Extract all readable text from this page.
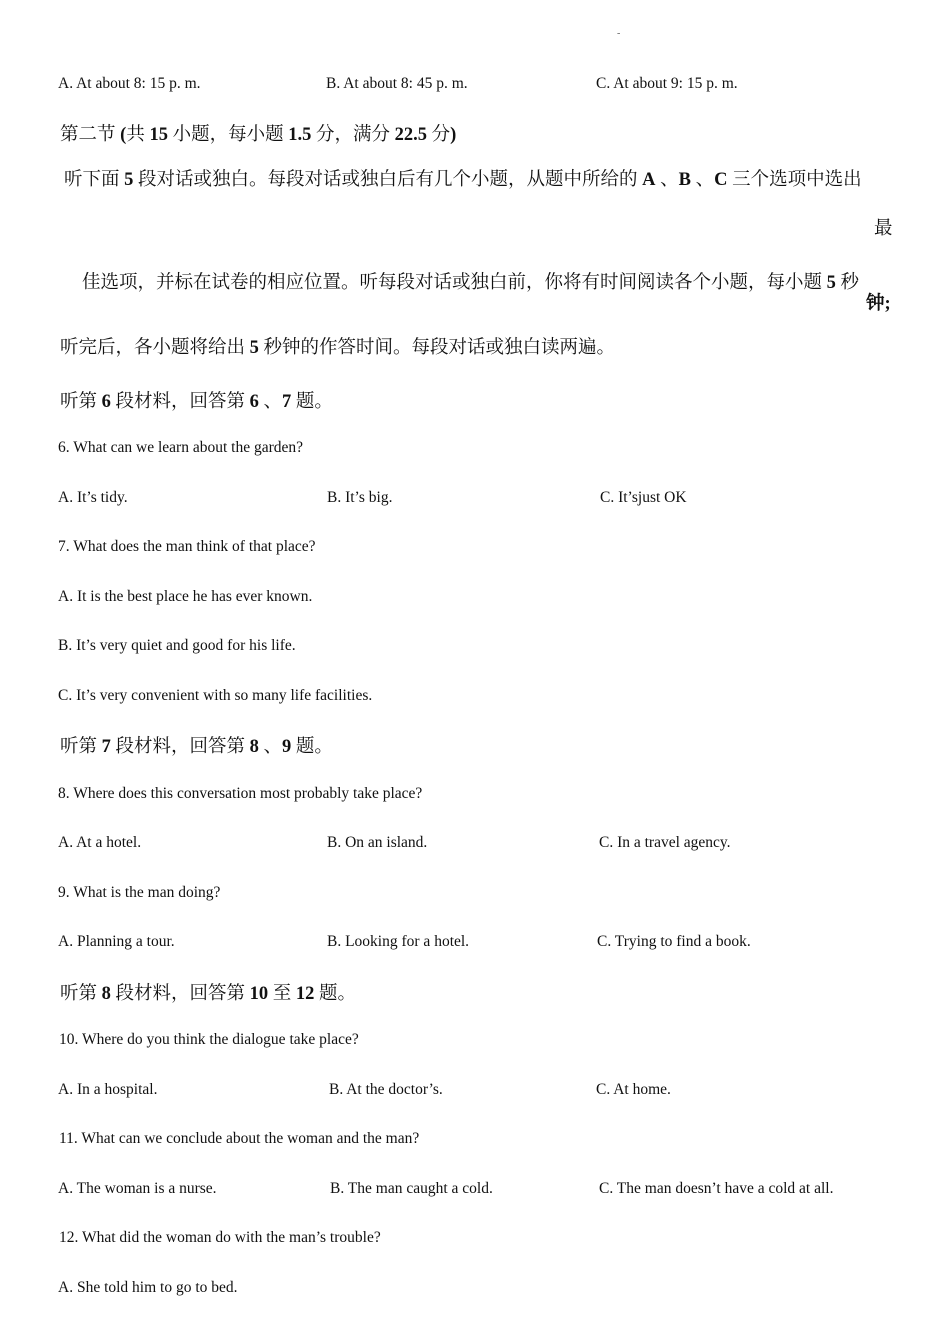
-
A. At about 8: 15 p. m.	B. At about 8: 45 p. m.	C. At about 9: 15 p. m.
第二节 (共 15 小题，每小题 1.5 分，满分 22.5 分)
听下面 5 段对话或独白。每段对话或独白后有几个小题，从题中所给的 A 、B 、C 三个选项中选出
最
佳选项，并标在试卷的相应位置。听每段对话或独白前，你将有时间阅读各个小题，每小题 5 秒
钟;
听完后，各小题将给出 5 秒钟的作答时间。每段对话或独白读两遍。
听第 6 段材料，回答第 6 、7 题。
6. What can we learn about the garden?
A. It’s tidy.	B. It’s big.	C. It’sjust OK
7. What does the man think of that place?
A. It is the best place he has ever known.
B. It’s very quiet and good for his life.
C. It’s very convenient with so many life facilities.
听第 7 段材料，回答第 8 、9 题。
8. Where does this conversation most probably take place?
A. At a hotel.	B. On an island.	C. In a travel agency.
9. What is the man doing?
A. Planning a tour.	B. Looking for a hotel.	C. Trying to find a book.
听第 8 段材料，回答第 10 至 12 题。
10. Where do you think the dialogue take place?
A. In a hospital.	B. At the doctor’s.	C. At home.
11. What can we conclude about the woman and the man?
A. The woman is a nurse.	B. The man caught a cold.	C. The man doesn’t have a cold at all.
12. What did the woman do with the man’s trouble?
A. She told him to go to bed.
